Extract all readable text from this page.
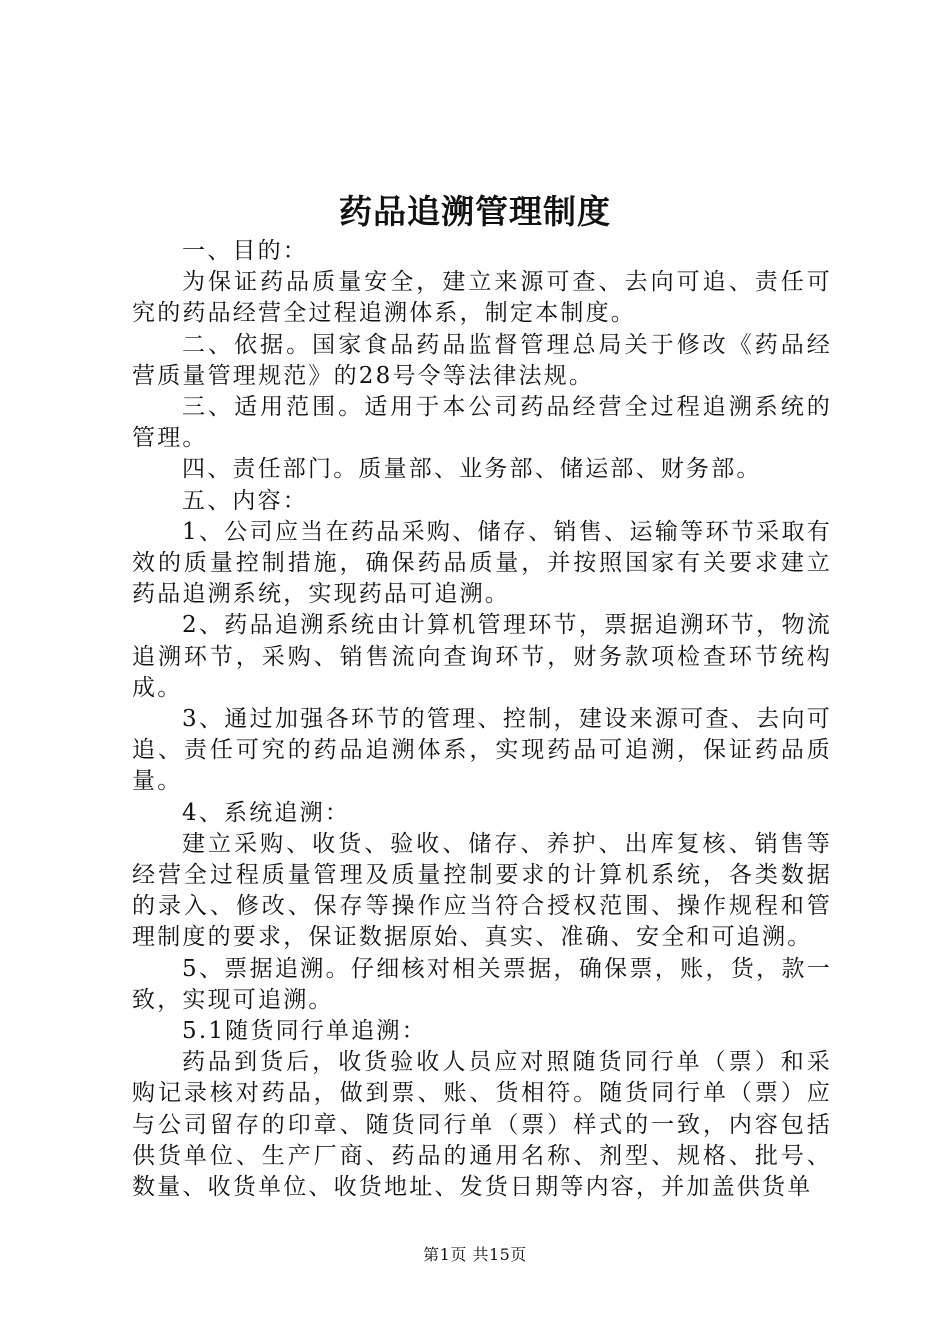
药品追溯管理制度

一、目的：

为保证药品质量安全，建立来源可查、去向可追、责任可究的药品经营全过程追溯体系，制定本制度。

二、依据。国家食品药品监督管理总局关于修改《药品经营质量管理规范》的28号令等法律法规。

三、适用范围。适用于本公司药品经营全过程追溯系统的管理。

四、责任部门。质量部、业务部、储运部、财务部。

五、内容：

1、公司应当在药品采购、储存、销售、运输等环节采取有效的质量控制措施，确保药品质量，并按照国家有关要求建立药品追溯系统，实现药品可追溯。

2、药品追溯系统由计算机管理环节，票据追溯环节，物流追溯环节，采购、销售流向查询环节，财务款项检查环节统构成。

3、通过加强各环节的管理、控制，建设来源可查、去向可追、责任可究的药品追溯体系，实现药品可追溯，保证药品质量。

4、系统追溯：

建立采购、收货、验收、储存、养护、出库复核、销售等经营全过程质量管理及质量控制要求的计算机系统，各类数据的录入、修改、保存等操作应当符合授权范围、操作规程和管理制度的要求，保证数据原始、真实、准确、安全和可追溯。

5、票据追溯。仔细核对相关票据，确保票，账，货，款一致，实现可追溯。

5.1随货同行单追溯：

药品到货后，收货验收人员应对照随货同行单（票）和采购记录核对药品，做到票、账、货相符。随货同行单（票）应与公司留存的印章、随货同行单（票）样式的一致，内容包括供货单位、生产厂商、药品的通用名称、剂型、规格、批号、数量、收货单位、收货地址、发货日期等内容，并加盖供货单

第1页 共15页
